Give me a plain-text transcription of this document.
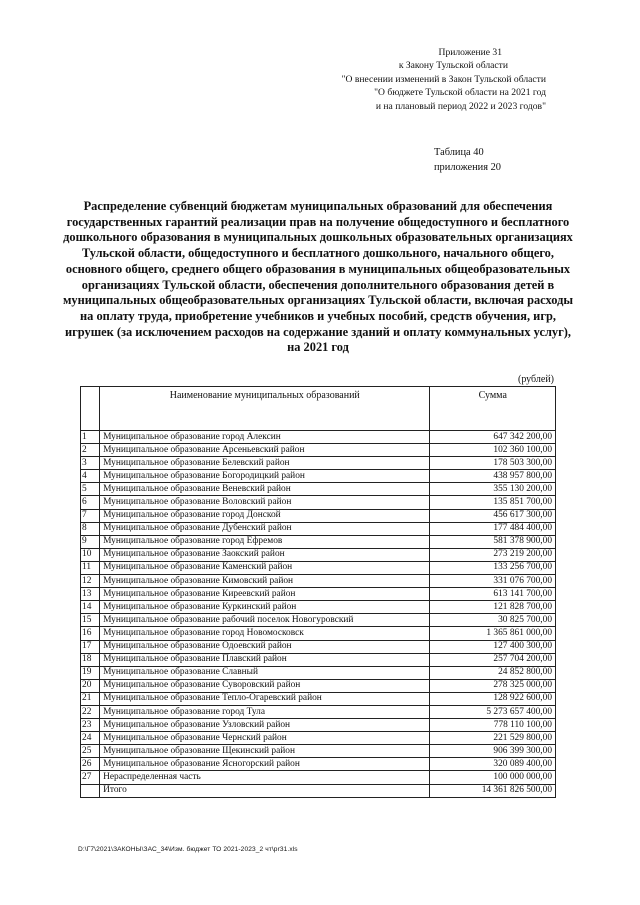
Приложение 31
к Закону Тульской области
"О внесении изменений в Закон Тульской области
"О бюджете Тульской области на 2021 год
и на плановый период 2022 и 2023 годов"
Таблица 40
приложения 20
Распределение субвенций бюджетам муниципальных образований для обеспечения государственных гарантий реализации прав на получение общедоступного и бесплатного дошкольного образования в муниципальных дошкольных образовательных организациях Тульской области, общедоступного и бесплатного дошкольного, начального общего, основного общего, среднего общего образования в муниципальных общеобразовательных организациях Тульской области, обеспечения дополнительного образования детей в муниципальных общеобразовательных организациях Тульской области, включая расходы на оплату труда, приобретение учебников и учебных пособий, средств обучения, игр, игрушек (за исключением расходов на содержание зданий и оплату коммунальных услуг), на 2021 год
(рублей)
	Наименование муниципальных образований	Сумма
1	Муниципальное образование город Алексин	647 342 200,00
2	Муниципальное образование Арсеньевский район	102 360 100,00
3	Муниципальное образование Белевский район	178 503 300,00
4	Муниципальное образование Богородицкий район	438 957 800,00
5	Муниципальное образование Веневский район	355 130 200,00
6	Муниципальное образование Воловский район	135 851 700,00
7	Муниципальное образование город Донской	456 617 300,00
8	Муниципальное образование Дубенский район	177 484 400,00
9	Муниципальное образование город Ефремов	581 378 900,00
10	Муниципальное образование Заокский район	273 219 200,00
11	Муниципальное образование Каменский район	133 256 700,00
12	Муниципальное образование Кимовский район	331 076 700,00
13	Муниципальное образование Киреевский район	613 141 700,00
14	Муниципальное образование Куркинский район	121 828 700,00
15	Муниципальное образование рабочий поселок Новогуровский	30 825 700,00
16	Муниципальное образование город Новомосковск	1 365 861 000,00
17	Муниципальное образование Одоевский район	127 400 300,00
18	Муниципальное образование Плавский район	257 704 200,00
19	Муниципальное образование Славный	24 852 800,00
20	Муниципальное образование Суворовский район	278 325 000,00
21	Муниципальное образование Тепло-Огаревский район	128 922 600,00
22	Муниципальное образование город Тула	5 273 657 400,00
23	Муниципальное образование Узловский район	778 110 100,00
24	Муниципальное образование Чернский район	221 529 800,00
25	Муниципальное образование Щекинский район	906 399 300,00
26	Муниципальное образование Ясногорский район	320 089 400,00
27	Нераспределенная часть	100 000 000,00
	Итого	14 361 826 500,00
D:\Г7\2021\ЗАКОНЫ\ЗАС_34\Изм. бюджет ТО 2021-2023_2 чт\pr31.xls
